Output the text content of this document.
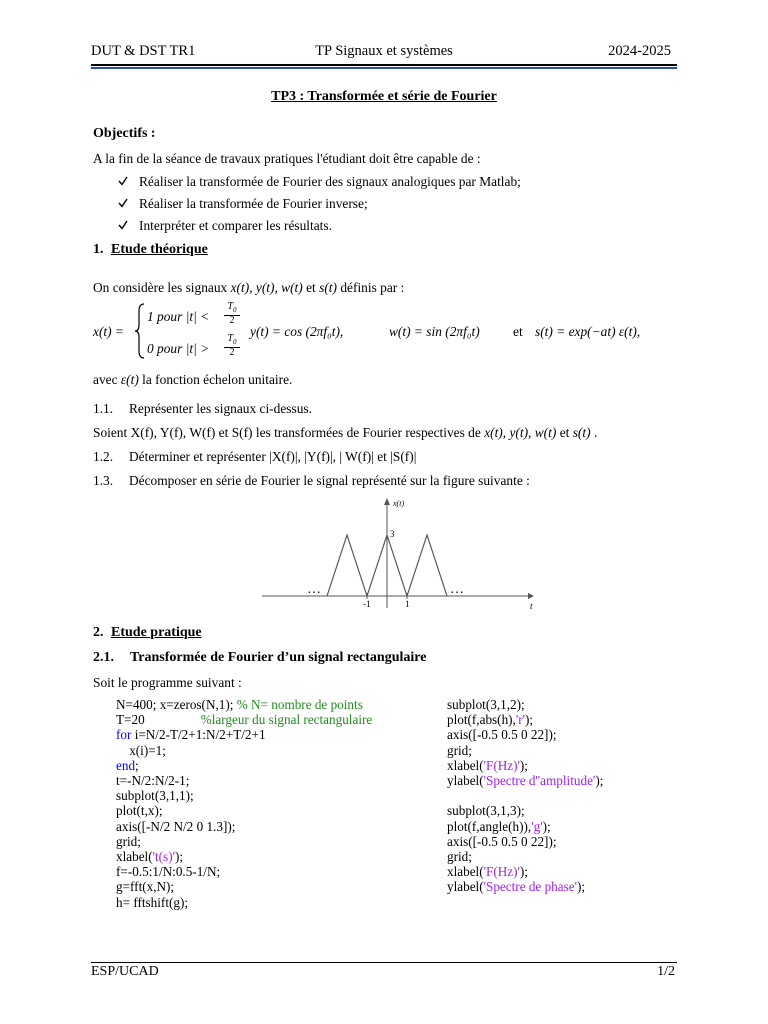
DUT & DST TR1	TP Signaux et systèmes	2024-2025
TP3 : Transformée et série de Fourier
Objectifs :
A la fin de la séance de travaux pratiques l'étudiant doit être capable de :
Réaliser la transformée de Fourier des signaux analogiques par Matlab;
Réaliser la transformée de Fourier inverse;
Interpréter et comparer les résultats.
1. Etude théorique
On considère les signaux x(t), y(t), w(t) et s(t) définis par :
x(t) =
1 pour |t| <
$T_0$
2
0 pour |t| >
$T_0$
2
y(t) = cos (2πf₀t),	w(t) = sin (2πf₀t) et s(t) = exp(−at) ε(t),
avec ε(t) la fonction échelon unitaire.
1.1. Représenter les signaux ci-dessus.
Soient X(f), Y(f), W(f) et S(f) les transformées de Fourier respectives de x(t), y(t), w(t) et s(t) .
1.2. Déterminer et représenter |X(f)|, |Y(f)|, | W(f)| et |S(f)|
1.3. Décomposer en série de Fourier le signal représenté sur la figure suivante :
x(t)
3
-1	1	t
…	…
2. Etude pratique
2.1. Transformée de Fourier d’un signal rectangulaire
Soit le programme suivant :
N=400; x=zeros(N,1); % N= nombre de points
T=20                 %largeur du signal rectangulaire
for i=N/2-T/2+1:N/2+T/2+1
x(i)=1;
end;
t=-N/2:N/2-1;
subplot(3,1,1);
plot(t,x);
axis([-N/2 N/2 0 1.3]);
grid;
xlabel('t(s)');
f=-0.5:1/N:0.5-1/N;
g=fft(x,N);
h= fftshift(g);
subplot(3,1,2);
plot(f,abs(h),'r');
axis([-0.5 0.5 0 22]);
grid;
xlabel('F(Hz)');
ylabel('Spectre d''amplitude');

subplot(3,1,3);
plot(f,angle(h)),'g');
axis([-0.5 0.5 0 22]);
grid;
xlabel('F(Hz)');
ylabel('Spectre de phase');
ESP/UCAD	1/2
